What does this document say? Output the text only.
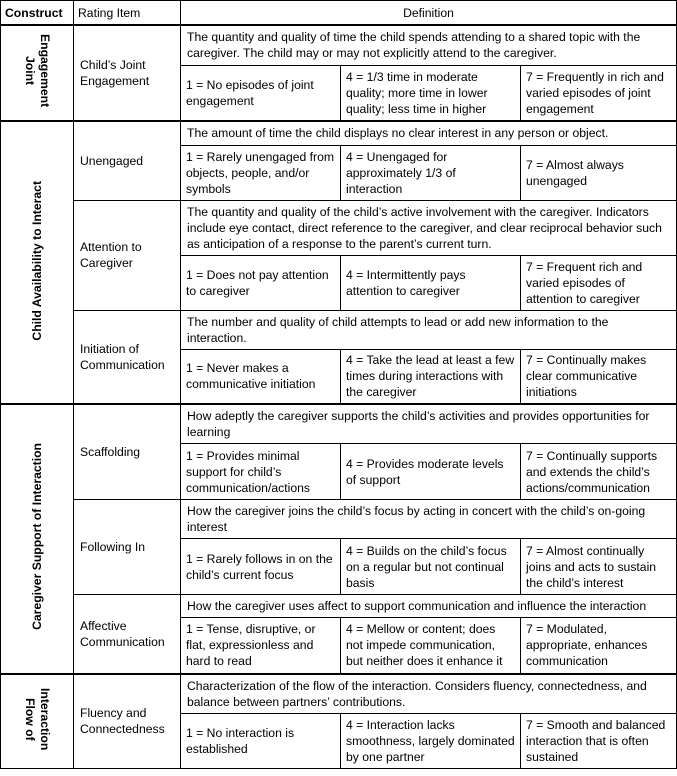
Construct	Rating Item	Definition		

Joint Engagement	Child’s Joint Engagement	The quantity and quality of time the child spends attending to a shared topic with the caregiver. The child may or may not explicitly attend to the caregiver.		
		1 = No episodes of joint engagement	4 = 1/3 time in moderate quality; more time in lower quality; less time in higher	7 = Frequently in rich and varied episodes of joint engagement
Child Availability to Interact	Unengaged	The amount of time the child displays no clear interest in any person or object.		
		1 = Rarely unengaged from objects, people, and/or symbols	4 = Unengaged for approximately 1/3 of interaction	7 = Almost always unengaged
	Attention to Caregiver	The quantity and quality of the child’s active involvement with the caregiver. Indicators include eye contact, direct reference to the caregiver, and clear reciprocal behavior such as anticipation of a response to the parent’s current turn.		
		1 = Does not pay attention to caregiver	4 = Intermittently pays attention to caregiver	7 = Frequent rich and varied episodes of attention to caregiver
	Initiation of Communication	The number and quality of child attempts to lead or add new information to the interaction.		
		1 = Never makes a communicative initiation	4 = Take the lead at least a few times during interactions with the caregiver	7 = Continually makes clear communicative initiations
Caregiver Support of Interaction	Scaffolding	How adeptly the caregiver supports the child’s activities and provides opportunities for learning		
		1 = Provides minimal support for child’s communication/actions	4 = Provides moderate levels of support	7 = Continually supports and extends the child’s actions/communication
	Following In	How the caregiver joins the child’s focus by acting in concert with the child’s on-going interest		
		1 = Rarely follows in on the child’s current focus	4 = Builds on the child’s focus on a regular but not continual basis	7 = Almost continually joins and acts to sustain the child’s interest
	Affective Communication	How the caregiver uses affect to support communication and influence the interaction		
		1 = Tense, disruptive, or flat, expressionless and hard to read	4 = Mellow or content; does not impede communication, but neither does it enhance it	7 = Modulated, appropriate, enhances communication

Flow of Interaction	Fluency and Connectedness	Characterization of the flow of the interaction. Considers fluency, connectedness, and balance between partners’ contributions.		
		1 = No interaction is established	4 = Interaction lacks smoothness, largely dominated by one partner	7 = Smooth and balanced interaction that is often sustained
